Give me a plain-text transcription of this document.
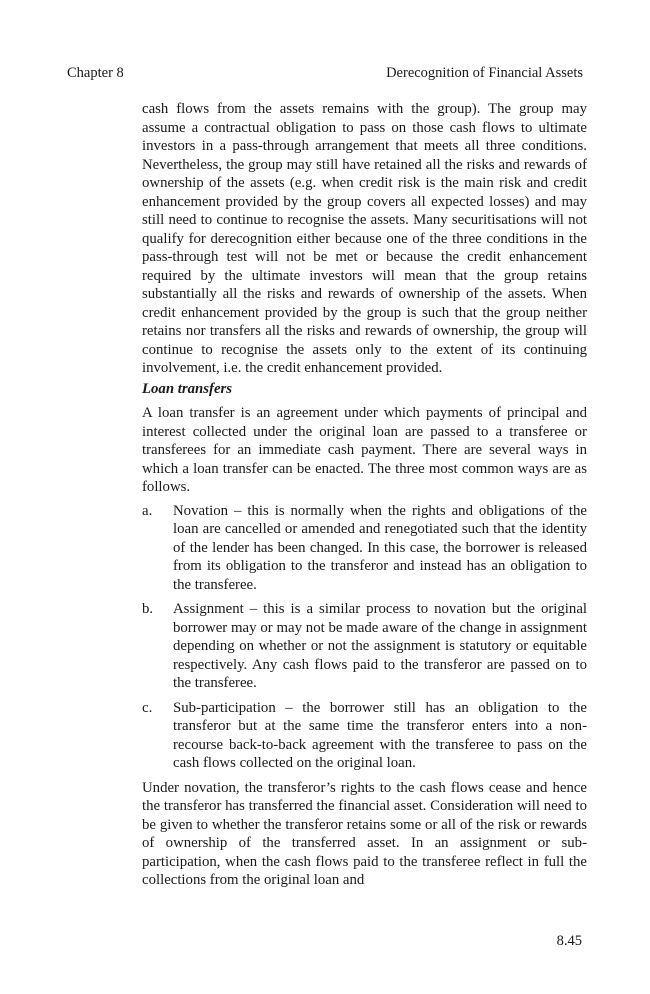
Chapter 8	Derecognition of Financial Assets

cash flows from the assets remains with the group). The group may assume a contractual obligation to pass on those cash flows to ultimate investors in a pass-through arrangement that meets all three conditions. Nevertheless, the group may still have retained all the risks and rewards of ownership of the assets (e.g. when credit risk is the main risk and credit enhancement provided by the group covers all expected losses) and may still need to continue to recognise the assets. Many securitisations will not qualify for derecognition either because one of the three conditions in the pass-through test will not be met or because the credit enhancement required by the ultimate investors will mean that the group retains substantially all the risks and rewards of ownership of the assets. When credit enhancement provided by the group is such that the group neither retains nor transfers all the risks and rewards of ownership, the group will continue to recognise the assets only to the extent of its continuing involvement, i.e. the credit enhancement provided.

Loan transfers

A loan transfer is an agreement under which payments of principal and interest collected under the original loan are passed to a transferee or transferees for an immediate cash payment. There are several ways in which a loan transfer can be enacted. The three most common ways are as follows.

a.	Novation – this is normally when the rights and obligations of the loan are cancelled or amended and renegotiated such that the identity of the lender has been changed. In this case, the borrower is released from its obligation to the transferor and instead has an obligation to the transferee.
b.	Assignment – this is a similar process to novation but the original borrower may or may not be made aware of the change in assignment depending on whether or not the assignment is statutory or equitable respectively. Any cash flows paid to the transferor are passed on to the transferee.
c.	Sub-participation – the borrower still has an obligation to the transferor but at the same time the transferor enters into a non-recourse back-to-back agreement with the transferee to pass on the cash flows collected on the original loan.

Under novation, the transferor’s rights to the cash flows cease and hence the transferor has transferred the financial asset. Consideration will need to be given to whether the transferor retains some or all of the risk or rewards of ownership of the transferred asset. In an assignment or sub-participation, when the cash flows paid to the transferee reflect in full the collections from the original loan and

8.45
